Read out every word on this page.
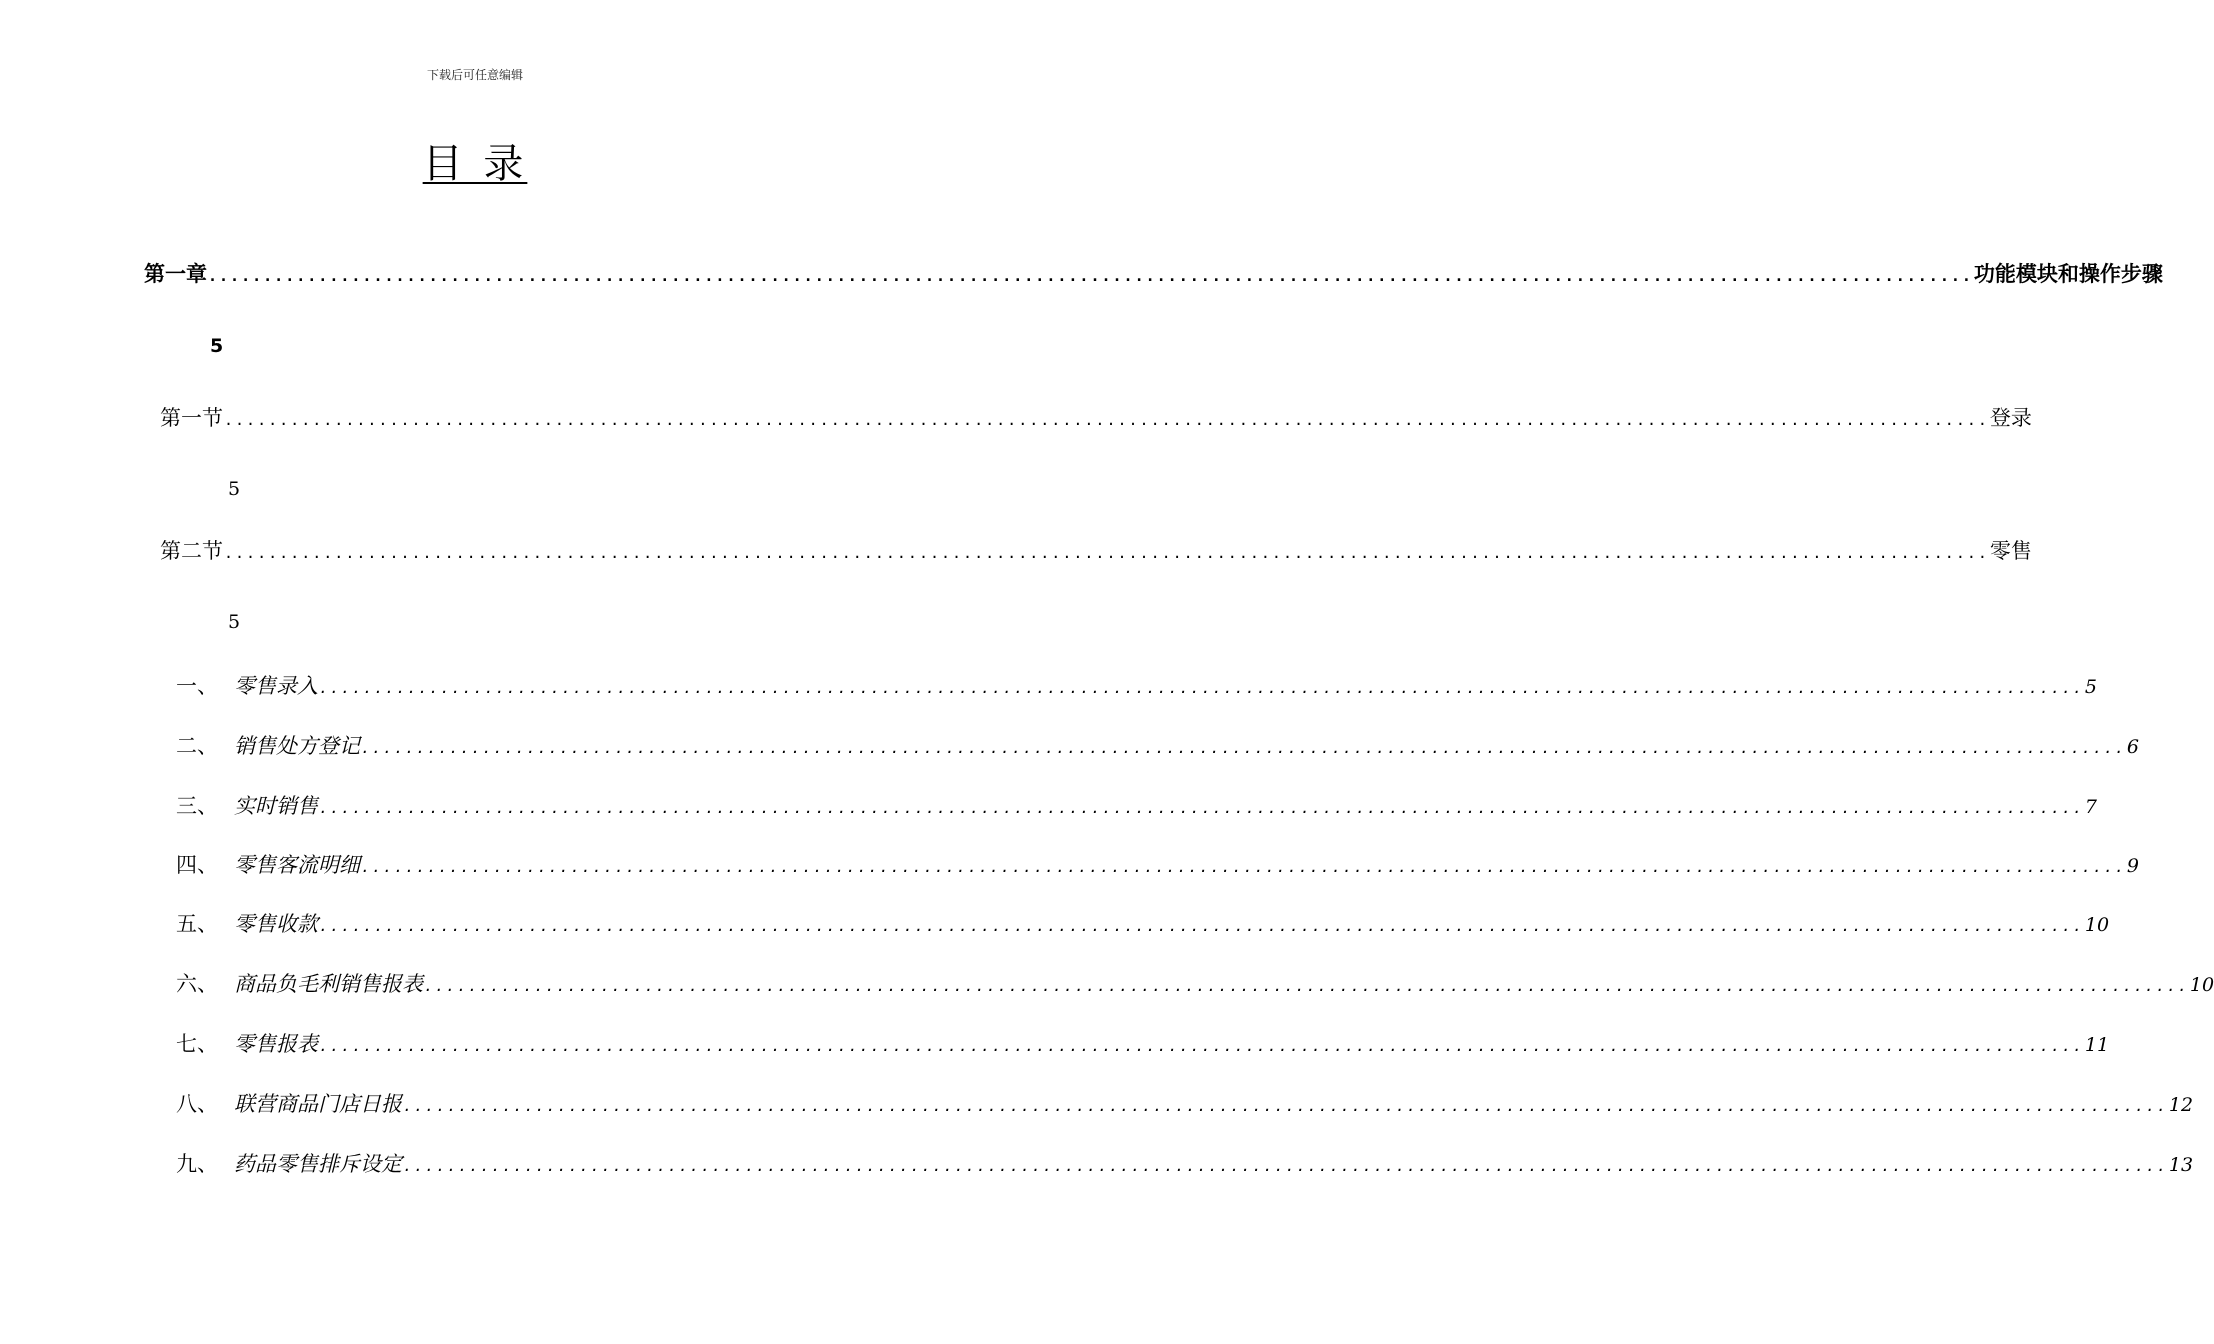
下载后可任意编辑
目 录
第一章 ................................................................................................................................................................ 功能模块和操作步骤
5
第一节 ................................................................................................................................................................ 登录
5
第二节 ................................................................................................................................................................ 零售
5
一、 零售录入 ................................................................................................................................................................ 5
二、 销售处方登记 ................................................................................................................................................................ 6
三、 实时销售 ................................................................................................................................................................ 7
四、 零售客流明细 ................................................................................................................................................................ 9
五、 零售收款 ................................................................................................................................................................ 10
六、 商品负毛利销售报表 ................................................................................................................................................................ 10
七、 零售报表 ................................................................................................................................................................ 11
八、 联营商品门店日报 ................................................................................................................................................................ 12
九、 药品零售排斥设定 ................................................................................................................................................................ 13
